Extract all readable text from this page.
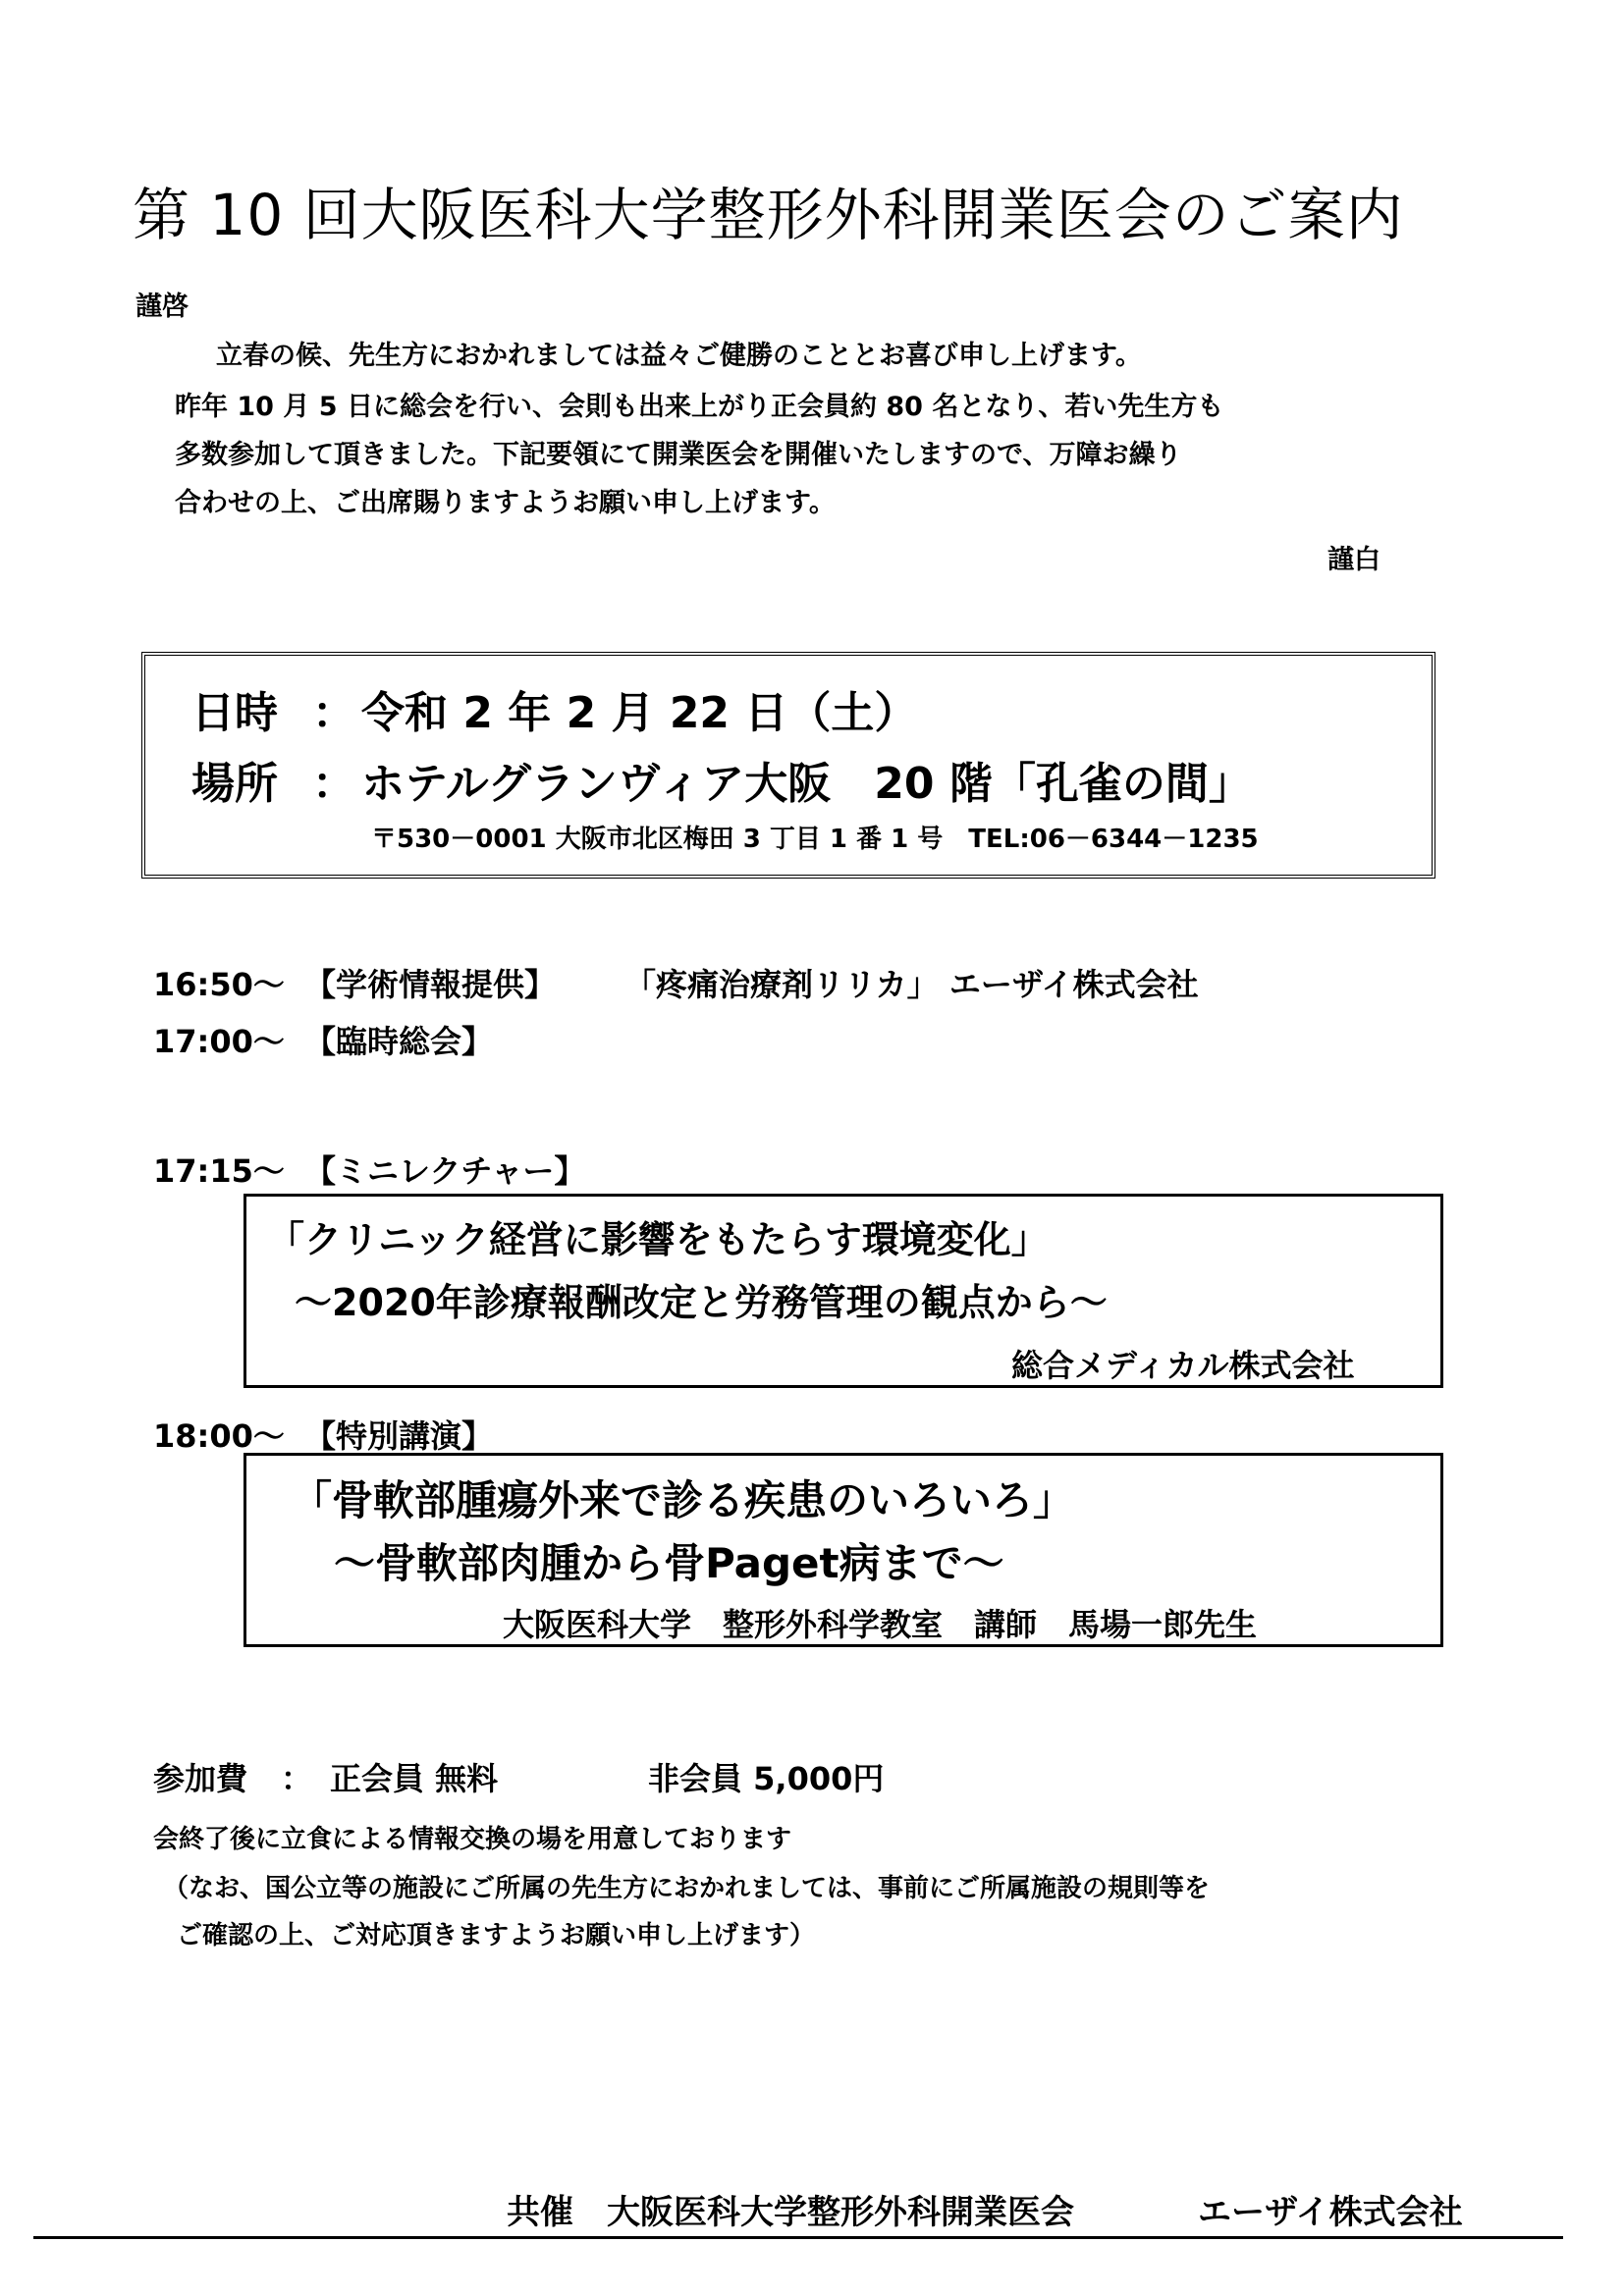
第 10 回大阪医科大学整形外科開業医会のご案内
謹啓
立春の候、先生方におかれましては益々ご健勝のこととお喜び申し上げます。
昨年 10 月 5 日に総会を行い、会則も出来上がり正会員約 80 名となり、若い先生方も
多数参加して頂きました。下記要領にて開業医会を開催いたしますので、万障お繰り
合わせの上、ご出席賜りますようお願い申し上げます。
謹白
日時 ： 令和 2 年 2 月 22 日（土）
場所 ： ホテルグランヴィア大阪　20 階「孔雀の間」
〒530－0001 大阪市北区梅田 3 丁目 1 番 1 号　TEL:06－6344－1235
16:50～ 【学術情報提供】 「疼痛治療剤リリカ」 エーザイ株式会社
17:00～ 【臨時総会】
17:15～ 【ミニレクチャー】
「クリニック経営に影響をもたらす環境変化」
～2020年診療報酬改定と労務管理の観点から～
総合メディカル株式会社
18:00～ 【特別講演】
「骨軟部腫瘍外来で診る疾患のいろいろ」
～骨軟部肉腫から骨Paget病まで～
大阪医科大学　整形外科学教室　講師　馬場一郎先生
参加費 ： 正会員 無料	非会員 5,000円
会終了後に立食による情報交換の場を用意しております
（なお、国公立等の施設にご所属の先生方におかれましては、事前にご所属施設の規則等を
ご確認の上、ご対応頂きますようお願い申し上げます）
共催 大阪医科大学整形外科開業医会	エーザイ株式会社
